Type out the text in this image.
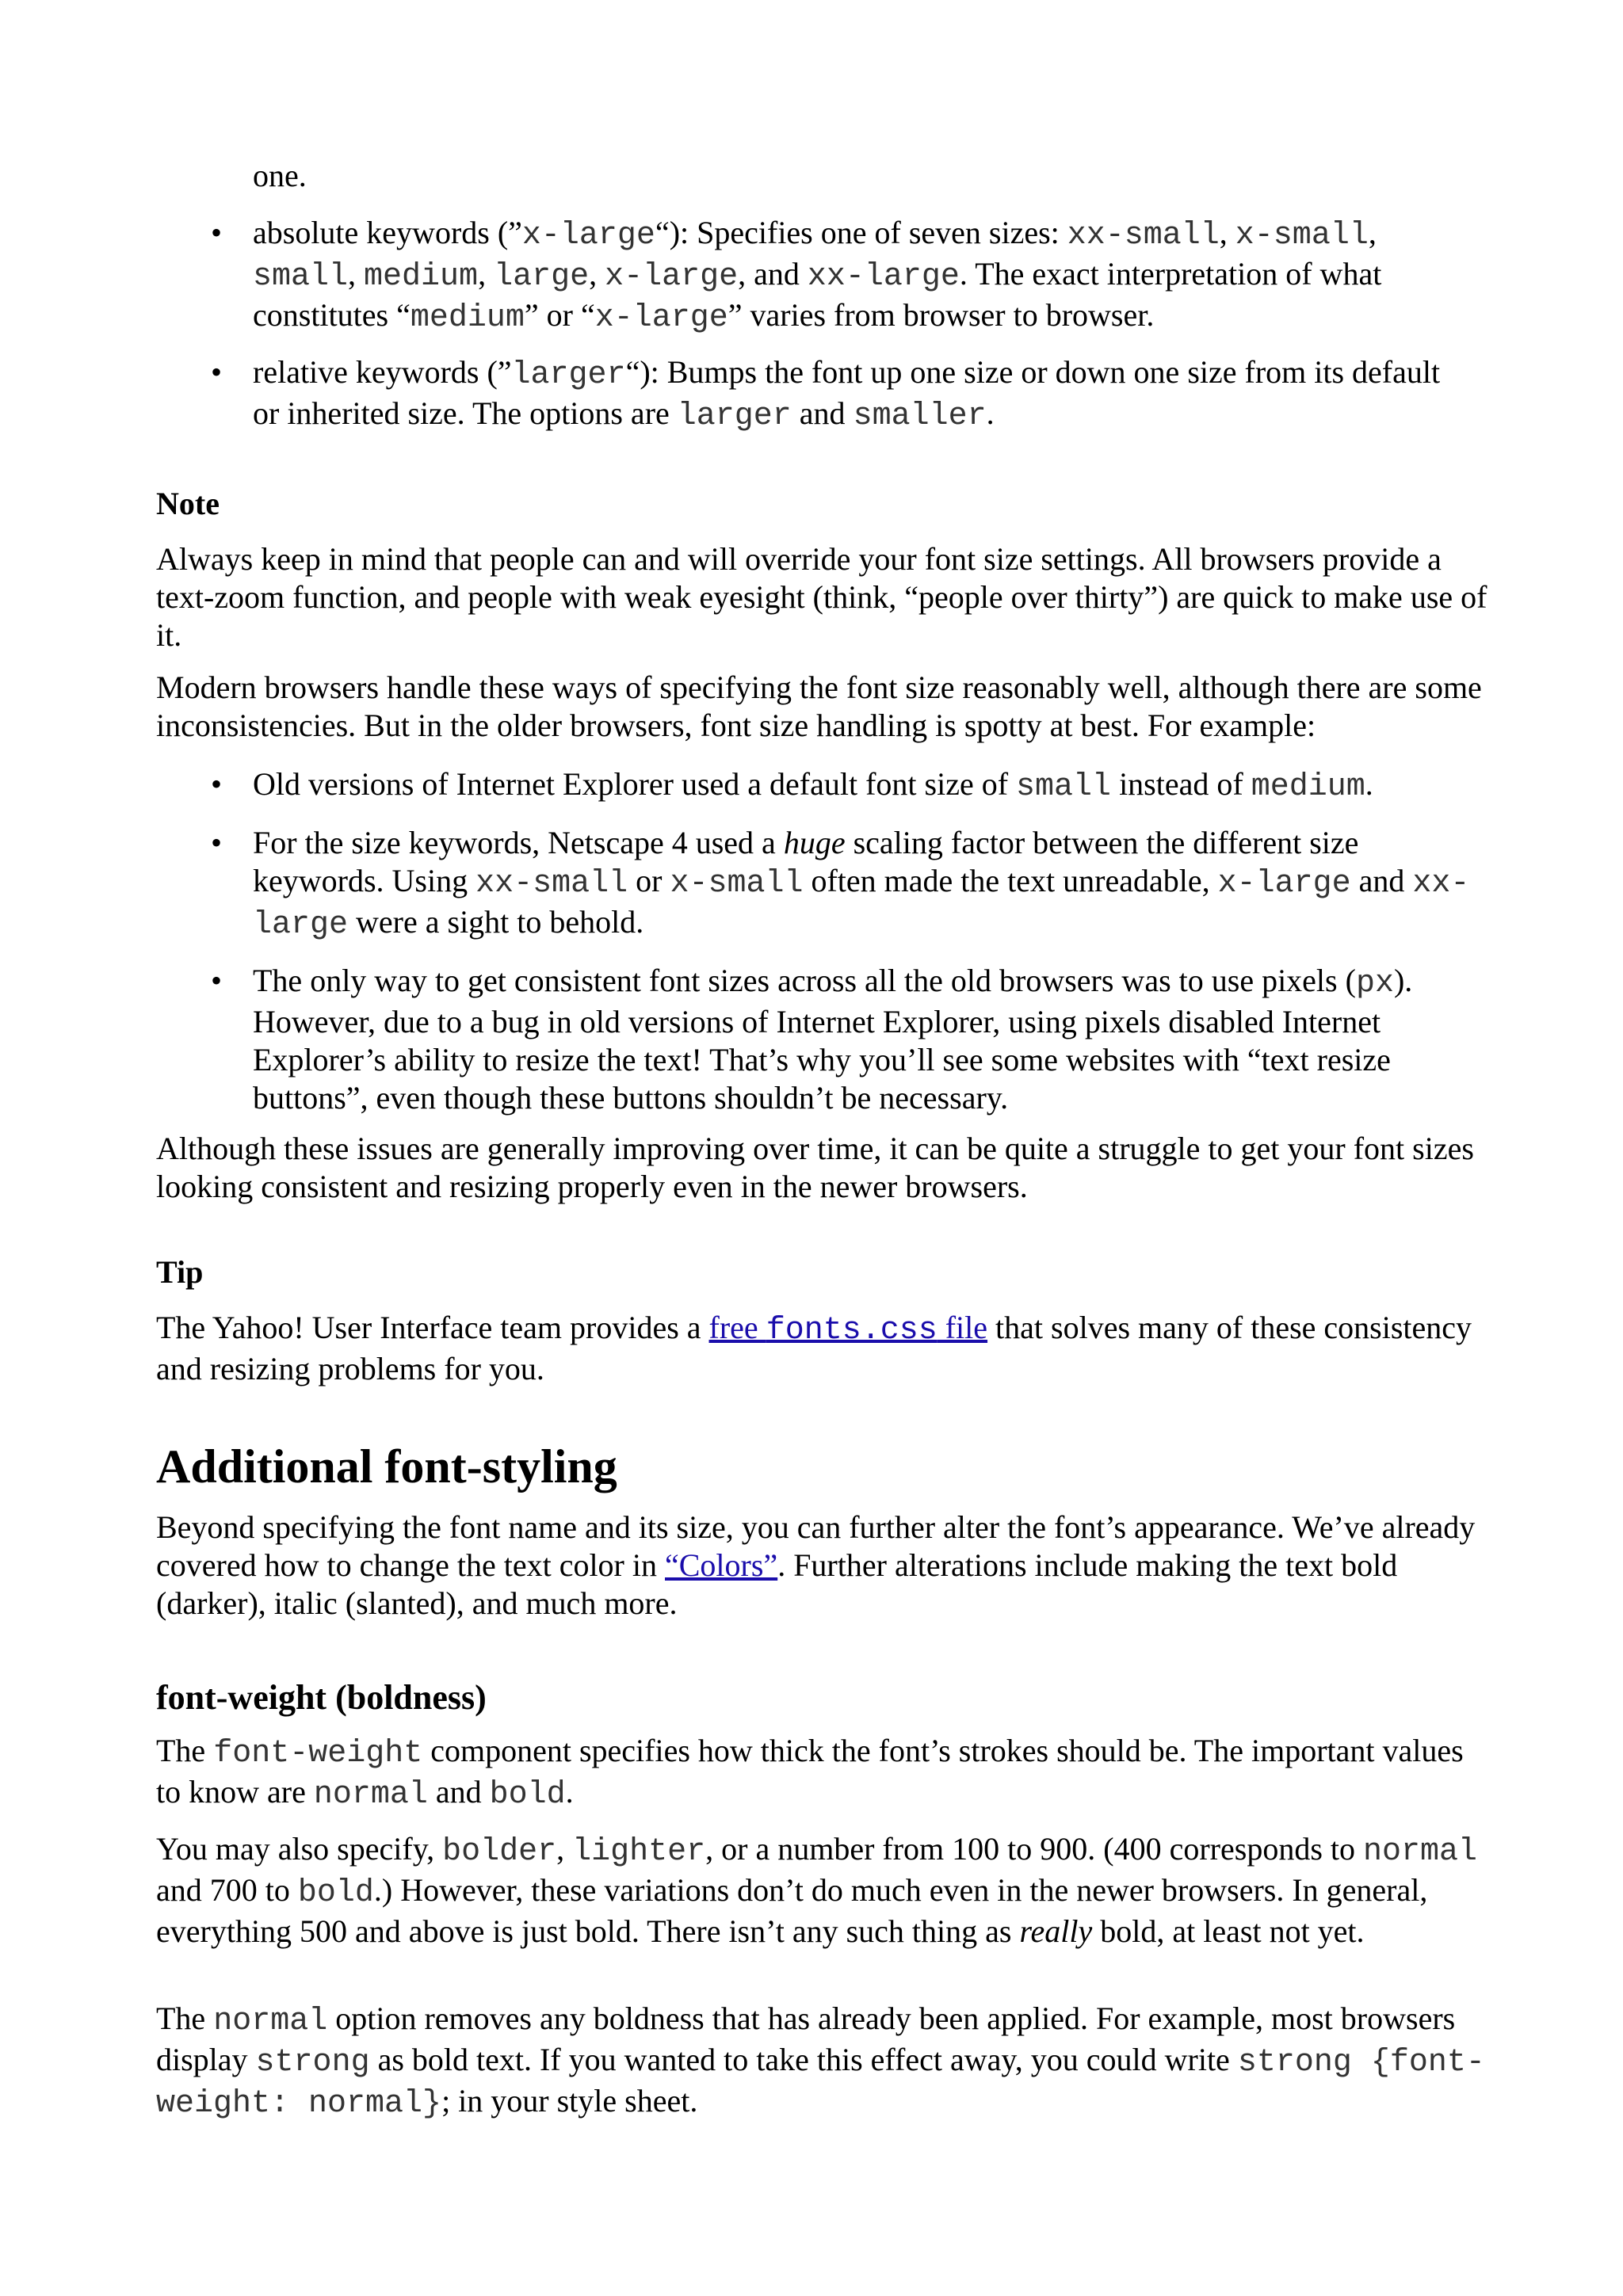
one.

• absolute keywords (”x-large“): Specifies one of seven sizes: xx-small, x-small, small, medium, large, x-large, and xx-large. The exact interpretation of what constitutes “medium” or “x-large” varies from browser to browser.

• relative keywords (”larger“): Bumps the font up one size or down one size from its default or inherited size. The options are larger and smaller.

Note

Always keep in mind that people can and will override your font size settings. All browsers provide a text-zoom function, and people with weak eyesight (think, “people over thirty”) are quick to make use of it.

Modern browsers handle these ways of specifying the font size reasonably well, although there are some inconsistencies. But in the older browsers, font size handling is spotty at best. For example:

• Old versions of Internet Explorer used a default font size of small instead of medium.

• For the size keywords, Netscape 4 used a huge scaling factor between the different size keywords. Using xx-small or x-small often made the text unreadable, x-large and xx-large were a sight to behold.

• The only way to get consistent font sizes across all the old browsers was to use pixels (px). However, due to a bug in old versions of Internet Explorer, using pixels disabled Internet Explorer’s ability to resize the text! That’s why you’ll see some websites with “text resize buttons”, even though these buttons shouldn’t be necessary.

Although these issues are generally improving over time, it can be quite a struggle to get your font sizes looking consistent and resizing properly even in the newer browsers.

Tip

The Yahoo! User Interface team provides a free fonts.css file that solves many of these consistency and resizing problems for you.

Additional font-styling

Beyond specifying the font name and its size, you can further alter the font’s appearance. We’ve already covered how to change the text color in “Colors”. Further alterations include making the text bold (darker), italic (slanted), and much more.

font-weight (boldness)

The font-weight component specifies how thick the font’s strokes should be. The important values to know are normal and bold.

You may also specify, bolder, lighter, or a number from 100 to 900. (400 corresponds to normal and 700 to bold.) However, these variations don’t do much even in the newer browsers. In general, everything 500 and above is just bold. There isn’t any such thing as really bold, at least not yet.

The normal option removes any boldness that has already been applied. For example, most browsers display strong as bold text. If you wanted to take this effect away, you could write strong {font-weight: normal}; in your style sheet.
